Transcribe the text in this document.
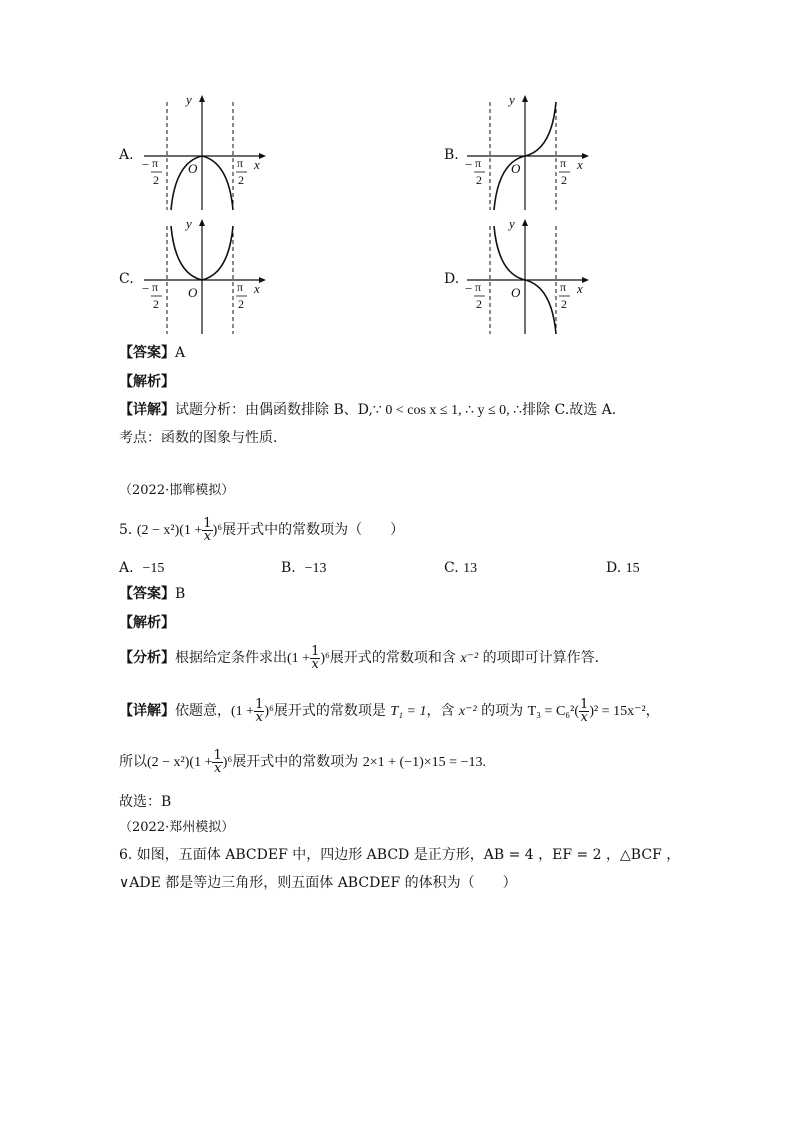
A.
y
x
O
− π
2
π
2
B.
y
x
O
− π
2
π
2
C.
y
x
O
− π
2
π
2
D.
y
x
O
− π
2
π
2
【答案】A
【解析】
【详解】试题分析：由偶函数排除 B、D,∵ 0 < cos x ≤ 1, ∴ y ≤ 0, ∴排除 C.故选 A.
考点：函数的图象与性质．
（2022·邯郸模拟）
5. $(2 - x^2)(1 + \frac{1}{x} )^6$展开式中的常数项为（　　）
A. −15	B. −13	C. 13	D. 15
【答案】B
【解析】
【分析】根据给定条件求出$(1 + \frac{1}{x} )^6$展开式的常数项和含 x⁻² 的项即可计算作答.
【详解】依题意，$(1 + \frac{1}{x} )^6$展开式的常数项是 T₁ = 1，含 x⁻² 的项为 $T_3 = C_6^2( \frac{1}{x} )^2 = 15x^{-2}$，
所以$(2 - x^2)(1 + \frac{1}{x} )^6$展开式中的常数项为 2×1 + (−1)×15 = −13.
故选：B
（2022·郑州模拟）
6. 如图，五面体 ABCDEF 中，四边形 ABCD 是正方形，AB = 4 ，EF = 2 ，△BCF ，
∨ADE 都是等边三角形，则五面体 ABCDEF 的体积为（　　）
